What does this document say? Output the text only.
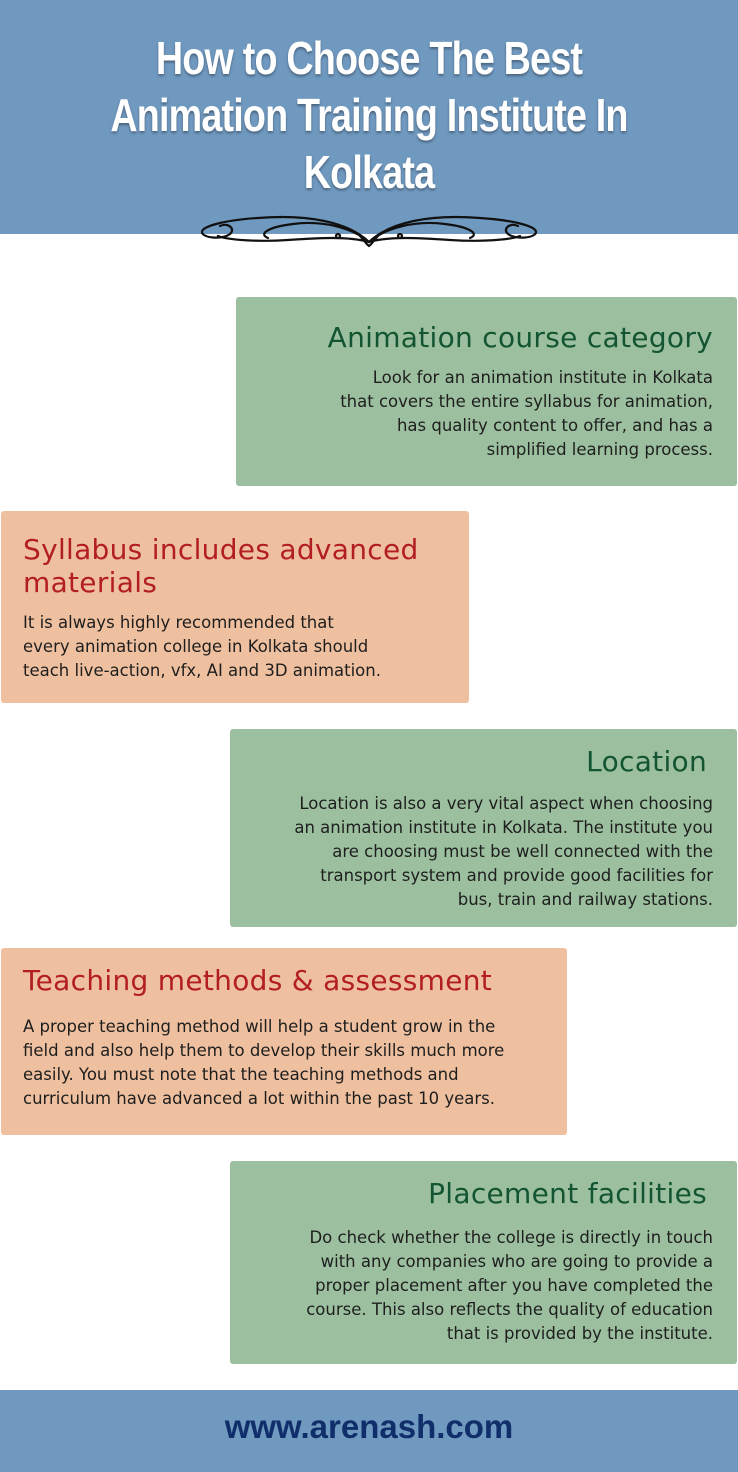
How to Choose The Best
Animation Training Institute In
Kolkata
Animation course category

Look for an animation institute in Kolkata
that covers the entire syllabus for animation,
has quality content to offer, and has a
simplified learning process.

Syllabus includes advanced
materials

It is always highly recommended that
every animation college in Kolkata should
teach live-action, vfx, AI and 3D animation.

Location

Location is also a very vital aspect when choosing
an animation institute in Kolkata. The institute you
are choosing must be well connected with the
transport system and provide good facilities for
bus, train and railway stations.

Teaching methods & assessment

A proper teaching method will help a student grow in the
field and also help them to develop their skills much more
easily. You must note that the teaching methods and
curriculum have advanced a lot within the past 10 years.

Placement facilities

Do check whether the college is directly in touch
with any companies who are going to provide a
proper placement after you have completed the
course. This also reflects the quality of education
that is provided by the institute.

www.arenash.com
